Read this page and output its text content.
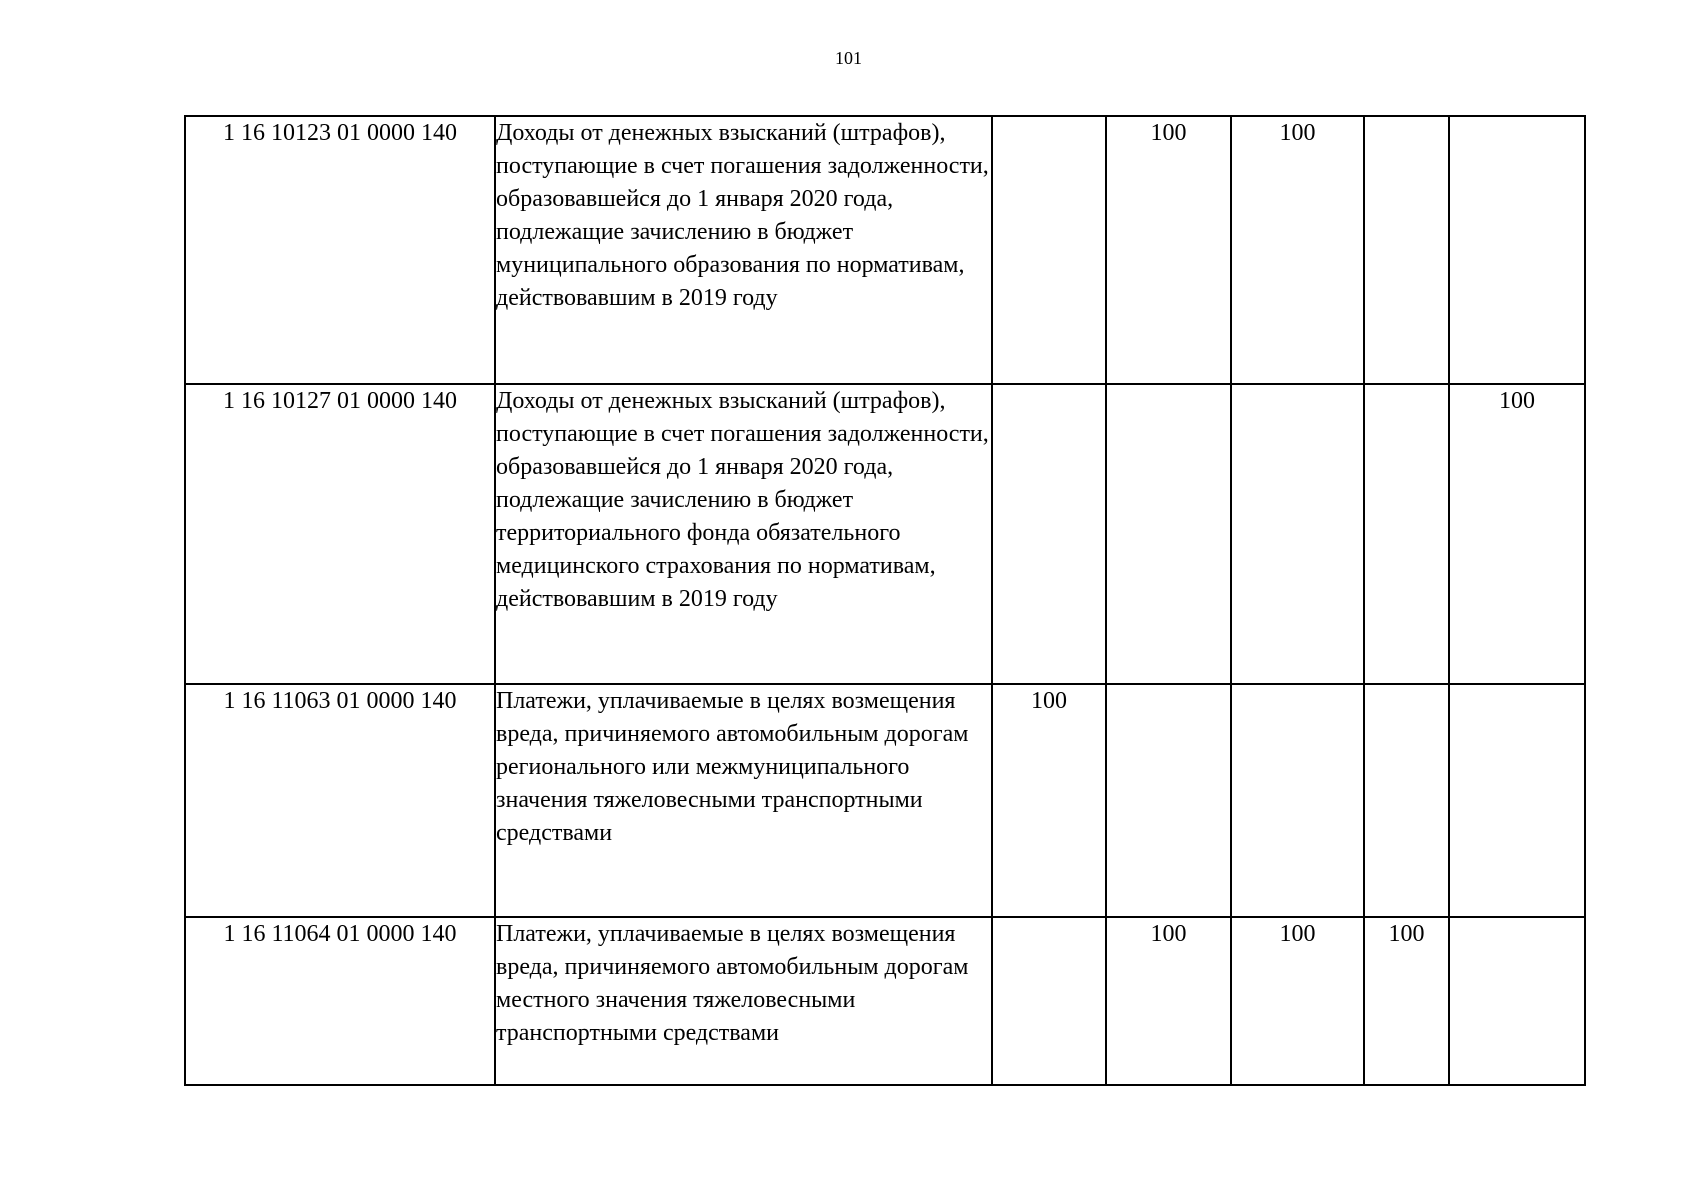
101
1 16 10123 01 0000 140	Доходы от денежных взысканий (штрафов), поступающие в счет погашения задолженности, образовавшейся до 1 января 2020 года, подлежащие зачислению в бюджет муниципального образования по нормативам, действовавшим в 2019 году		100	100		
1 16 10127 01 0000 140	Доходы от денежных взысканий (штрафов), поступающие в счет погашения задолженности, образовавшейся до 1 января 2020 года, подлежащие зачислению в бюджет территориального фонда обязательного медицинского страхования по нормативам, действовавшим в 2019 году					100
1 16 11063 01 0000 140	Платежи, уплачиваемые в целях возмещения вреда, причиняемого автомобильным дорогам регионального или межмуниципального значения тяжеловесными транспортными средствами	100				
1 16 11064 01 0000 140	Платежи, уплачиваемые в целях возмещения вреда, причиняемого автомобильным дорогам местного значения тяжеловесными транспортными средствами		100	100	100	
